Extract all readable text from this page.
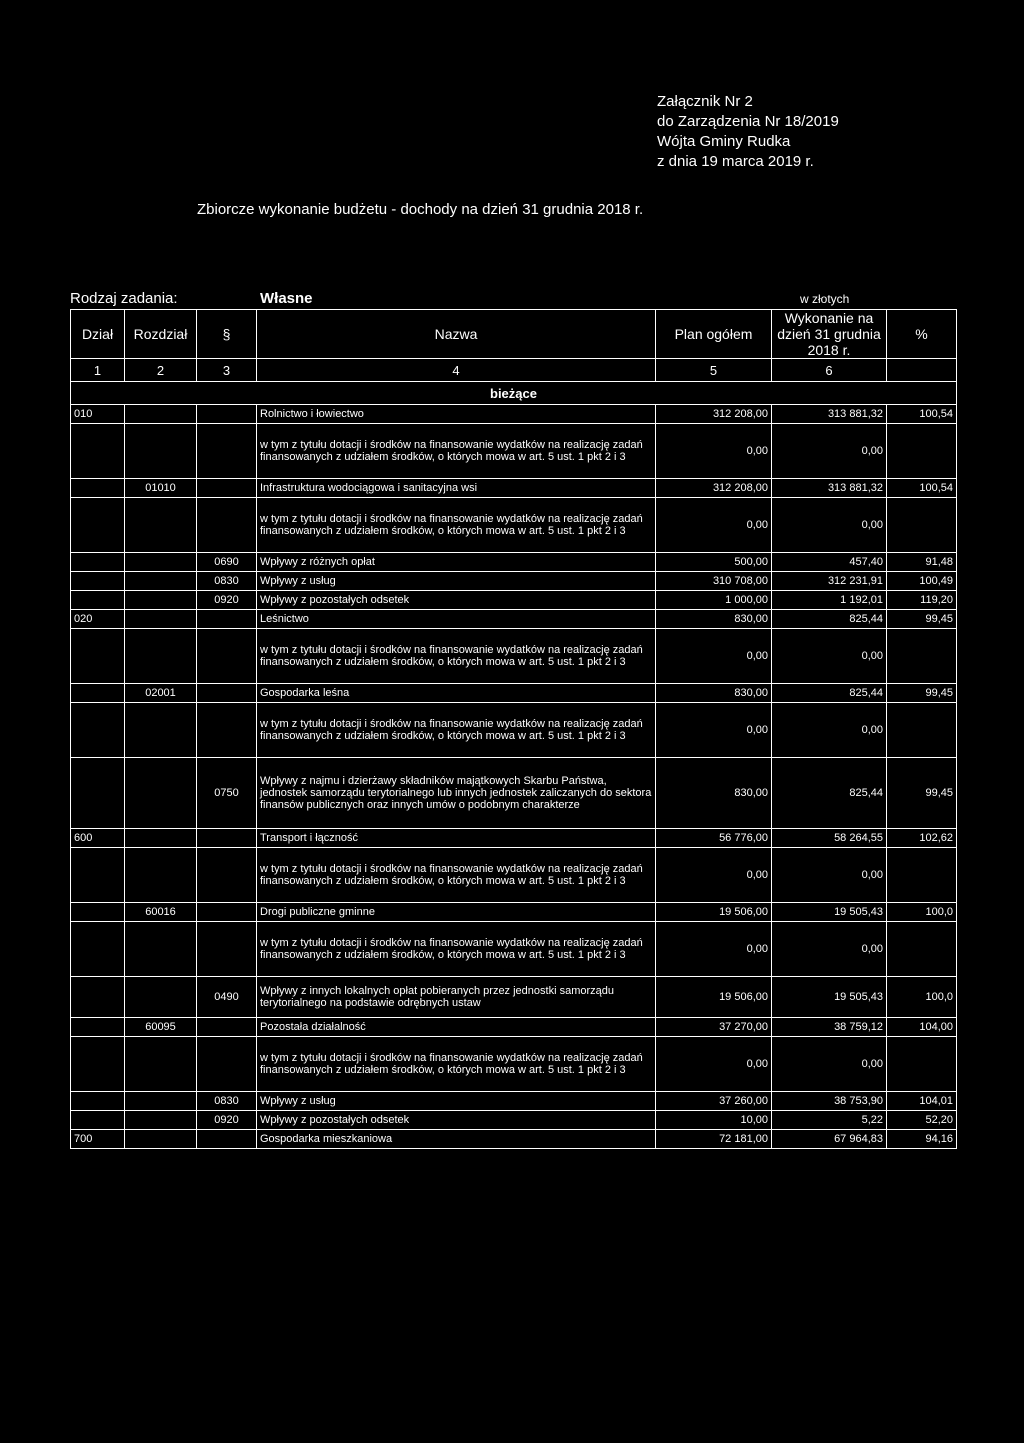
Załącznik Nr 2
do Zarządzenia Nr 18/2019
Wójta Gminy Rudka
z dnia 19 marca 2019 r.
Zbiorcze wykonanie budżetu - dochody na dzień 31 grudnia 2018 r.
Rodzaj zadania:	Własne	w złotych
Dział	Rozdział	§	Nazwa	Plan ogółem	Wykonanie na dzień 31 grudnia 2018 r.	%
1	2	3	4	5	6	
bieżące						
010			Rolnictwo i łowiectwo	312 208,00	313 881,32	100,54
			w tym z tytułu dotacji i środków na finansowanie wydatków na realizację zadań finansowanych z udziałem środków, o których mowa w art. 5 ust. 1 pkt 2 i 3	0,00	0,00	
	01010		Infrastruktura wodociągowa i sanitacyjna wsi	312 208,00	313 881,32	100,54
			w tym z tytułu dotacji i środków na finansowanie wydatków na realizację zadań finansowanych z udziałem środków, o których mowa w art. 5 ust. 1 pkt 2 i 3	0,00	0,00	
		0690	Wpływy z różnych opłat	500,00	457,40	91,48
		0830	Wpływy z usług	310 708,00	312 231,91	100,49
		0920	Wpływy z pozostałych odsetek	1 000,00	1 192,01	119,20
020			Leśnictwo	830,00	825,44	99,45
			w tym z tytułu dotacji i środków na finansowanie wydatków na realizację zadań finansowanych z udziałem środków, o których mowa w art. 5 ust. 1 pkt 2 i 3	0,00	0,00	
	02001		Gospodarka leśna	830,00	825,44	99,45
			w tym z tytułu dotacji i środków na finansowanie wydatków na realizację zadań finansowanych z udziałem środków, o których mowa w art. 5 ust. 1 pkt 2 i 3	0,00	0,00	
		0750	Wpływy z najmu i dzierżawy składników majątkowych Skarbu Państwa, jednostek samorządu terytorialnego lub innych jednostek zaliczanych do sektora finansów publicznych oraz innych umów o podobnym charakterze	830,00	825,44	99,45
600			Transport i łączność	56 776,00	58 264,55	102,62
			w tym z tytułu dotacji i środków na finansowanie wydatków na realizację zadań finansowanych z udziałem środków, o których mowa w art. 5 ust. 1 pkt 2 i 3	0,00	0,00	
	60016		Drogi publiczne gminne	19 506,00	19 505,43	100,0
			w tym z tytułu dotacji i środków na finansowanie wydatków na realizację zadań finansowanych z udziałem środków, o których mowa w art. 5 ust. 1 pkt 2 i 3	0,00	0,00	
		0490	Wpływy z innych lokalnych opłat pobieranych przez jednostki samorządu terytorialnego na podstawie odrębnych ustaw	19 506,00	19 505,43	100,0
	60095		Pozostała działalność	37 270,00	38 759,12	104,00
			w tym z tytułu dotacji i środków na finansowanie wydatków na realizację zadań finansowanych z udziałem środków, o których mowa w art. 5 ust. 1 pkt 2 i 3	0,00	0,00	
		0830	Wpływy z usług	37 260,00	38 753,90	104,01
		0920	Wpływy z pozostałych odsetek	10,00	5,22	52,20
700			Gospodarka mieszkaniowa	72 181,00	67 964,83	94,16
